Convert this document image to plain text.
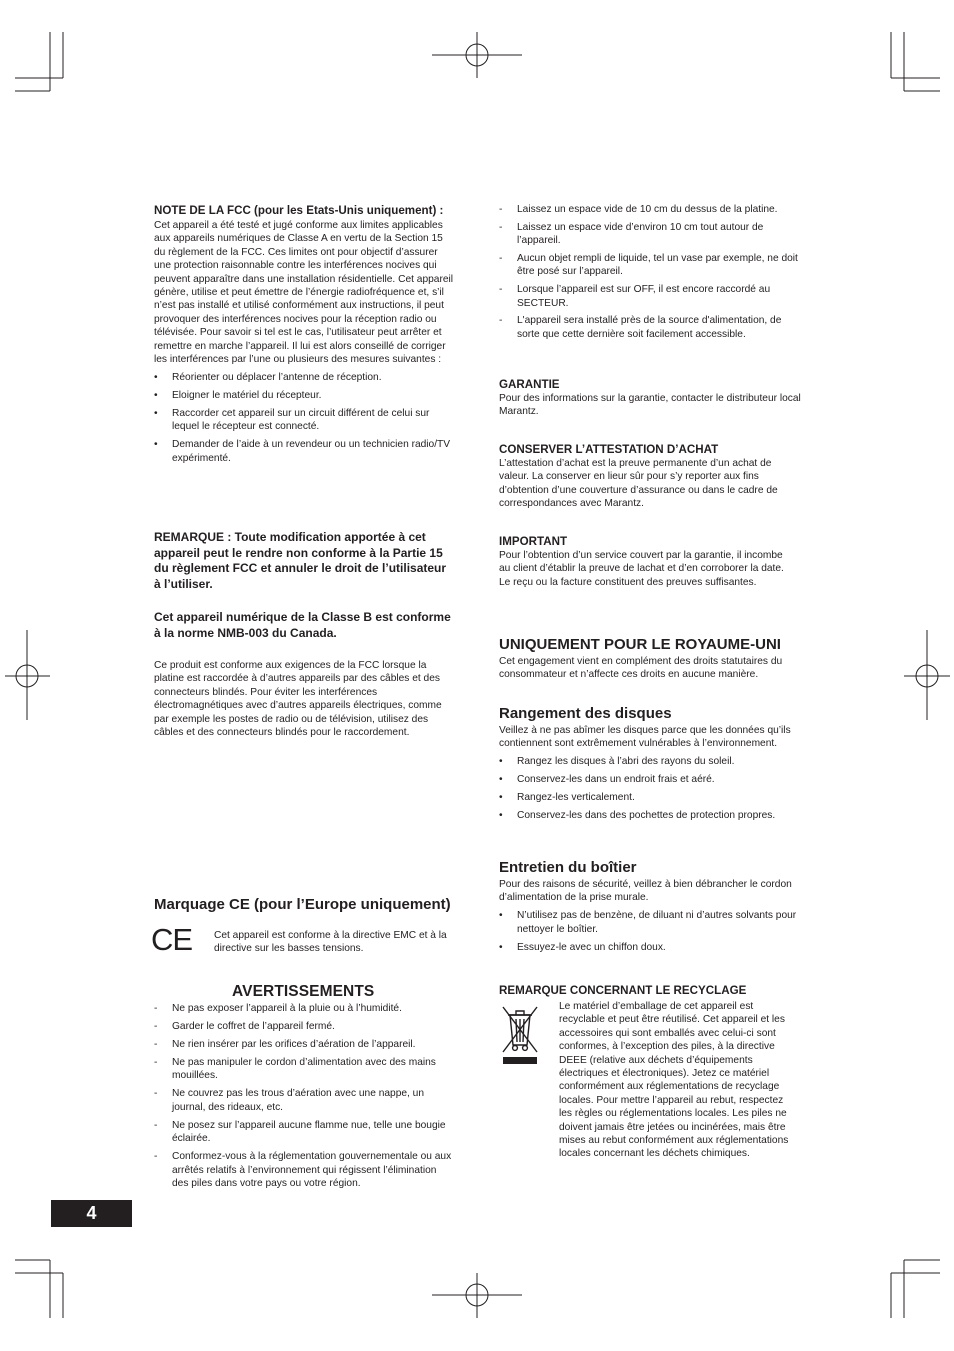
NOTE DE LA FCC (pour les Etats-Unis uniquement) :

Cet appareil a été testé et jugé conforme aux limites applicables aux appareils numériques de Classe A en vertu de la Section 15 du règlement de la FCC. Ces limites ont pour objectif d’assurer une protection raisonnable contre les interférences nocives qui peuvent apparaître dans une installation résidentielle. Cet appareil génère, utilise et peut émettre de l’énergie radiofréquence et, s’il n’est pas installé et utilisé conformément aux instructions, il peut provoquer des interférences nocives pour la réception radio ou télévisée. Pour savoir si tel est le cas, l’utilisateur peut arrêter et remettre en marche l’appareil. Il lui est alors conseillé de corriger les interférences par l’une ou plusieurs des mesures suivantes :

• Réorienter ou déplacer l’antenne de réception.
• Eloigner le matériel du récepteur.
• Raccorder cet appareil sur un circuit différent de celui sur lequel le récepteur est connecté.
• Demander de l’aide à un revendeur ou un technicien radio/TV expérimenté.

REMARQUE : Toute modification apportée à cet appareil peut le rendre non conforme à la Partie 15 du règlement FCC et annuler le droit de l’utilisateur à l’utiliser.

Cet appareil numérique de la Classe B est conforme à la norme NMB-003 du Canada.

Ce produit est conforme aux exigences de la FCC lorsque la platine est raccordée à d’autres appareils par des câbles et des connecteurs blindés. Pour éviter les interférences électromagnétiques avec d’autres appareils électriques, comme par exemple les postes de radio ou de télévision, utilisez des câbles et des connecteurs blindés pour le raccordement.

Marquage CE (pour l’Europe uniquement)

CE Cet appareil est conforme à la directive EMC et à la directive sur les basses tensions.

AVERTISSEMENTS

- Ne pas exposer l’appareil à la pluie ou à l’humidité.
- Garder le coffret de l’appareil fermé.
- Ne rien insérer par les orifices d’aération de l’appareil.
- Ne pas manipuler le cordon d’alimentation avec des mains mouillées.
- Ne couvrez pas les trous d’aération avec une nappe, un journal, des rideaux, etc.
- Ne posez sur l’appareil aucune flamme nue, telle une bougie éclairée.
- Conformez-vous à la réglementation gouvernementale ou aux arrêtés relatifs à l’environnement qui régissent l’élimination des piles dans votre pays ou votre région.
- Laissez un espace vide de 10 cm du dessus de la platine.
- Laissez un espace vide d’environ 10 cm tout autour de l’appareil.
- Aucun objet rempli de liquide, tel un vase par exemple, ne doit être posé sur l’appareil.
- Lorsque l’appareil est sur OFF, il est encore raccordé au SECTEUR.
- L'appareil sera installé près de la source d'alimentation, de sorte que cette dernière soit facilement accessible.

GARANTIE

Pour des informations sur la garantie, contacter le distributeur local Marantz.

CONSERVER L’ATTESTATION D’ACHAT

L’attestation d’achat est la preuve permanente d’un achat de valeur. La conserver en lieur sûr pour s’y reporter aux fins d’obtention d’une couverture d’assurance ou dans le cadre de correspondances avec Marantz.

IMPORTANT

Pour l’obtention d’un service couvert par la garantie, il incombe au client d’établir la preuve de lachat et d’en corroborer la date. Le reçu ou la facture constituent des preuves suffisantes.

UNIQUEMENT POUR LE ROYAUME-UNI

Cet engagement vient en complément des droits statutaires du consommateur et n’affecte ces droits en aucune manière.

Rangement des disques

Veillez à ne pas abîmer les disques parce que les données qu’ils contiennent sont extrêmement vulnérables à l’environnement.

• Rangez les disques à l’abri des rayons du soleil.
• Conservez-les dans un endroit frais et aéré.
• Rangez-les verticalement.
• Conservez-les dans des pochettes de protection propres.

Entretien du boîtier

Pour des raisons de sécurité, veillez à bien débrancher le cordon d’alimentation de la prise murale.

• N’utilisez pas de benzène, de diluant ni d’autres solvants pour nettoyer le boîtier.
• Essuyez-le avec un chiffon doux.

REMARQUE CONCERNANT LE RECYCLAGE

Le matériel d’emballage de cet appareil est recyclable et peut être réutilisé. Cet appareil et les accessoires qui sont emballés avec celui-ci sont conformes, à l’exception des piles, à la directive DEEE (relative aux déchets d’équipements électriques et électroniques). Jetez ce matériel conformément aux réglementations de recyclage locales. Pour mettre l’appareil au rebut, respectez les règles ou réglementations locales. Les piles ne doivent jamais être jetées ou incinérées, mais être mises au rebut conformément aux réglementations locales concernant les déchets chimiques.

4
